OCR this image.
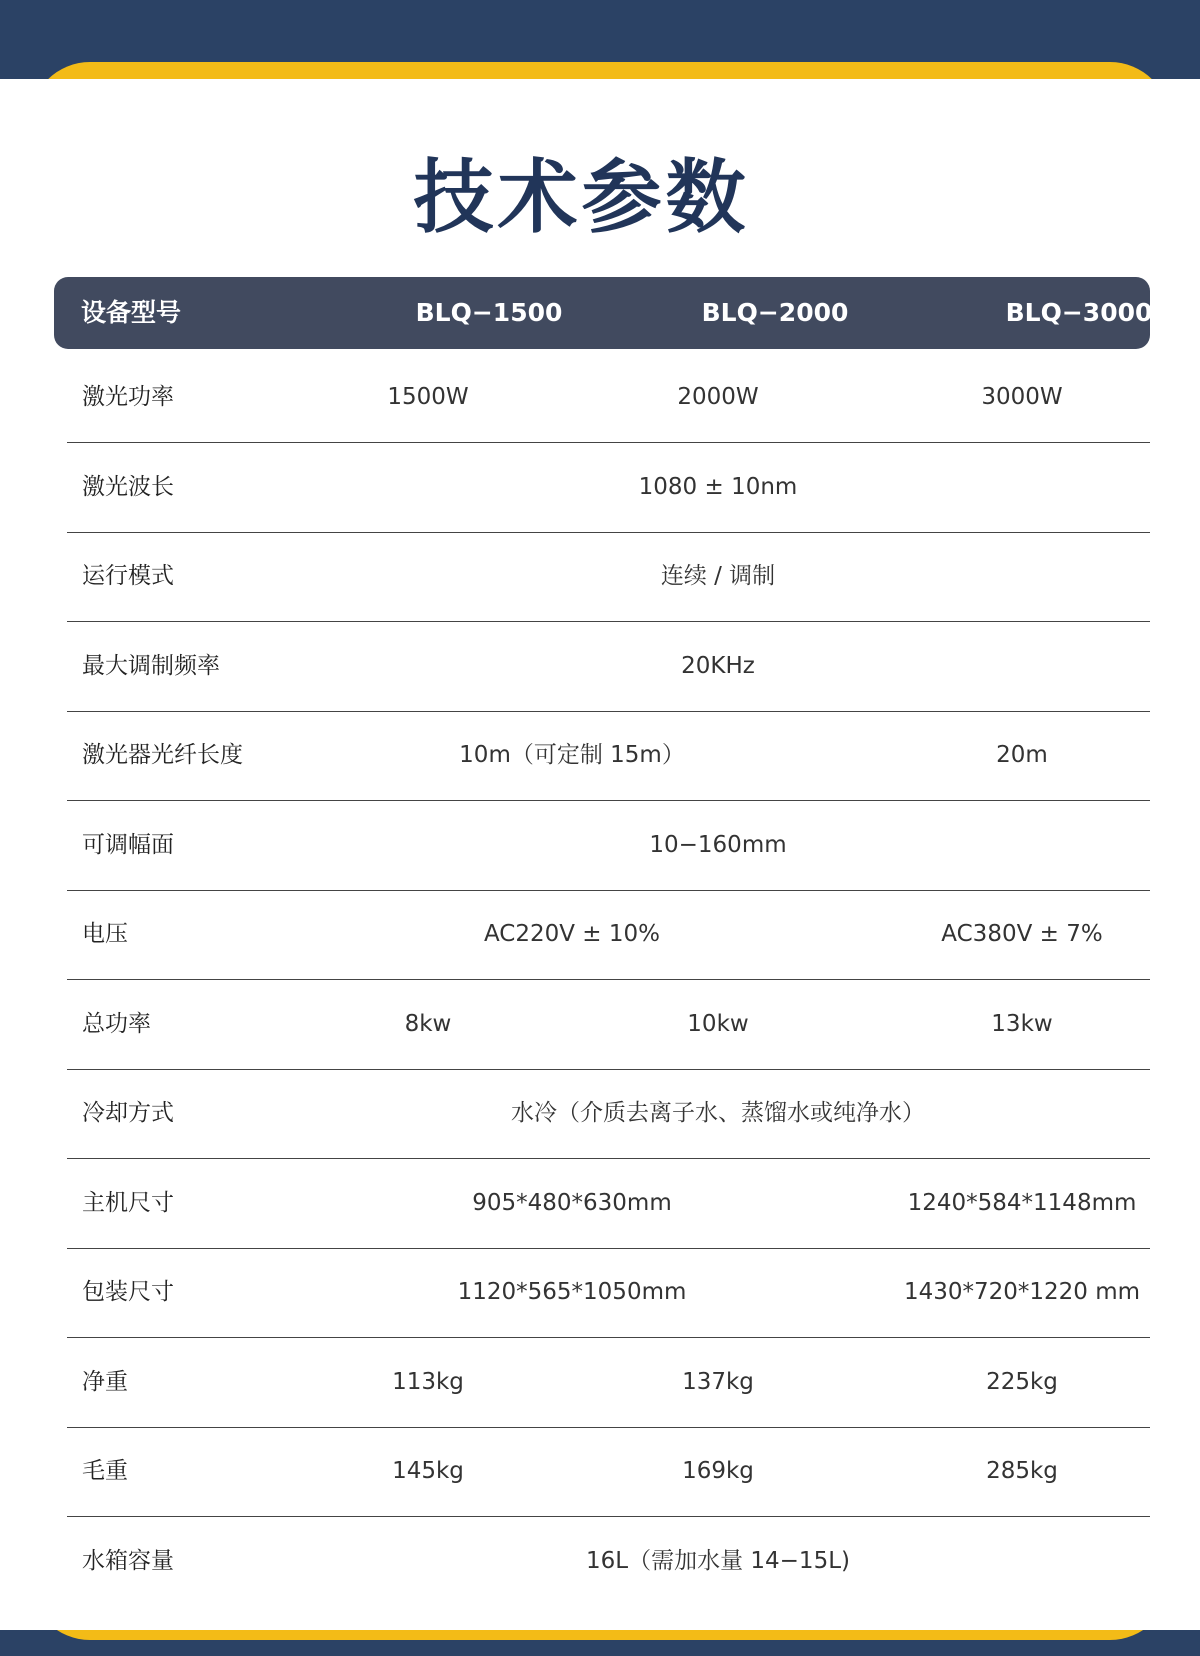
技术参数
设备型号	BLQ−1500	BLQ−2000	BLQ−3000
激光功率	1500W	2000W	3000W
激光波长	1080 ± 10nm
运行模式	连续 / 调制
最大调制频率	20KHz
激光器光纤长度	10m（可定制 15m）	20m
可调幅面	10−160mm
电压	AC220V ± 10%	AC380V ± 7%
总功率	8kw	10kw	13kw
冷却方式	水冷（介质去离子水、蒸馏水或纯净水）
主机尺寸	905*480*630mm	1240*584*1148mm
包装尺寸	1120*565*1050mm	1430*720*1220 mm
净重	113kg	137kg	225kg
毛重	145kg	169kg	285kg
水箱容量	16L（需加水量 14−15L)
